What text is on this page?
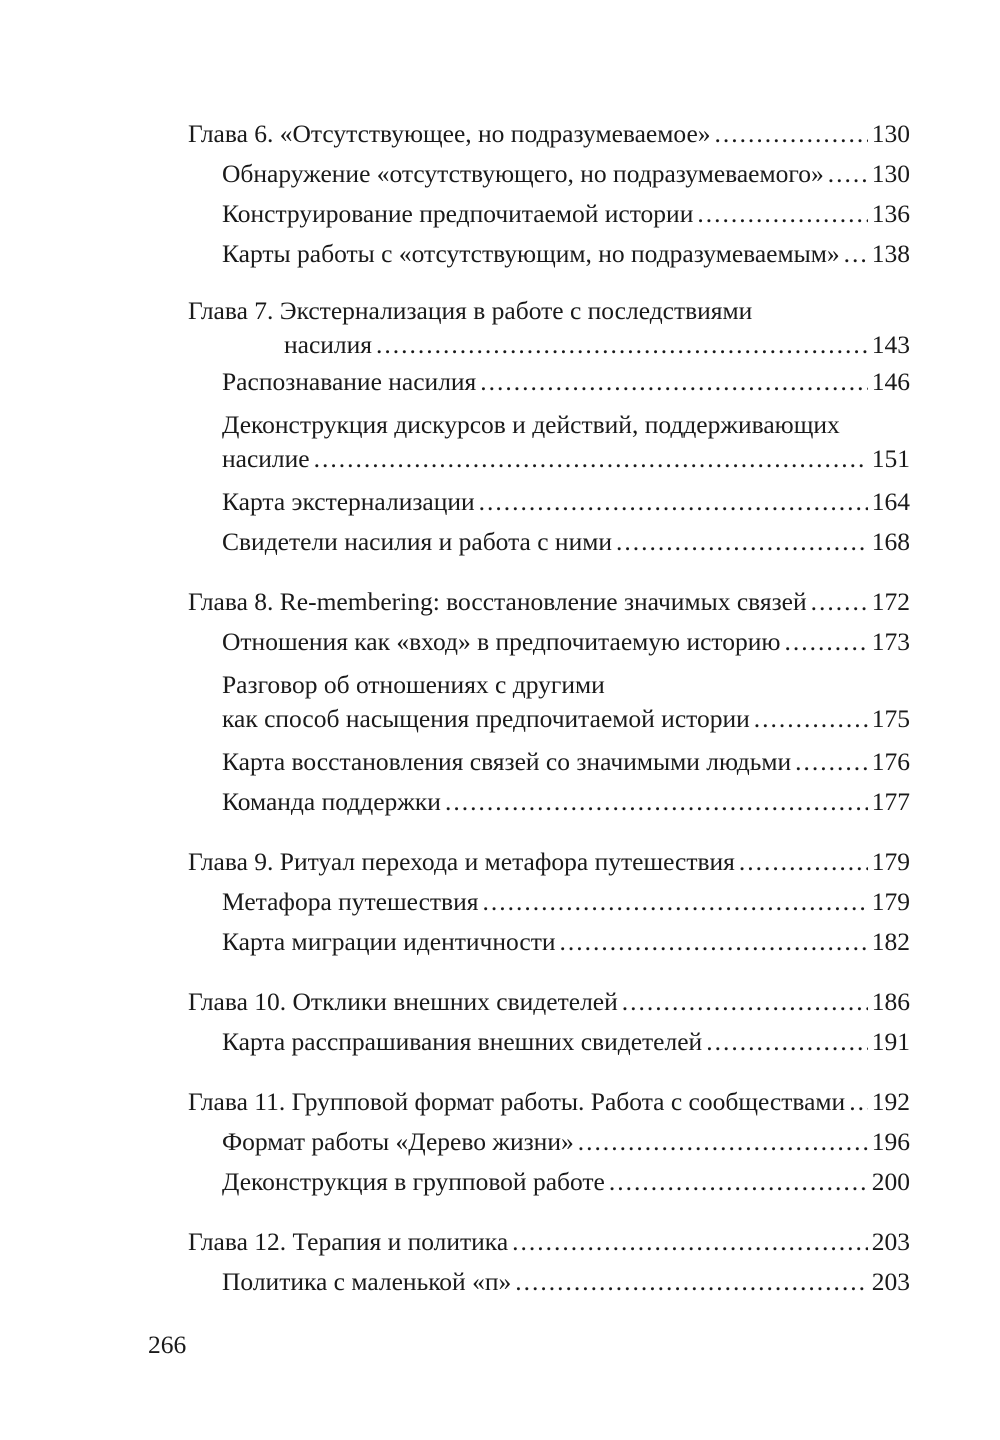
Глава 6. «Отсутствующее, но подразумеваемое» .....	130
Обнаружение «отсутствующего, но подразумеваемого» ..... 130
Конструирование предпочитаемой истории .....	136
Карты работы с «отсутствующим, но подразумеваемым» ..... 138
Глава 7. Экстернализация в работе с последствиями
насилия .....	143
Распознавание насилия .....	146
Деконструкция дискурсов и действий, поддерживающих
насилие .....	151
Карта экстернализации .....	164
Свидетели насилия и работа с ними .....	168
Глава 8. Re-membering: восстановление значимых связей .....	172
Отношения как «вход» в предпочитаемую историю .....	173
Разговор об отношениях с другими
как способ насыщения предпочитаемой истории .....	175
Карта восстановления связей со значимыми людьми .....	176
Команда поддержки .....	177
Глава 9. Ритуал перехода и метафора путешествия .....	179
Метафора путешествия .....	179
Карта миграции идентичности .....	182
Глава 10. Отклики внешних свидетелей .....	186
Карта расспрашивания внешних свидетелей .....	191
Глава 11. Групповой формат работы. Работа с сообществами ..... 192
Формат работы «Дерево жизни» .....	196
Деконструкция в групповой работе .....	200
Глава 12. Терапия и политика .....	203
Политика с маленькой «п» .....	203
266
